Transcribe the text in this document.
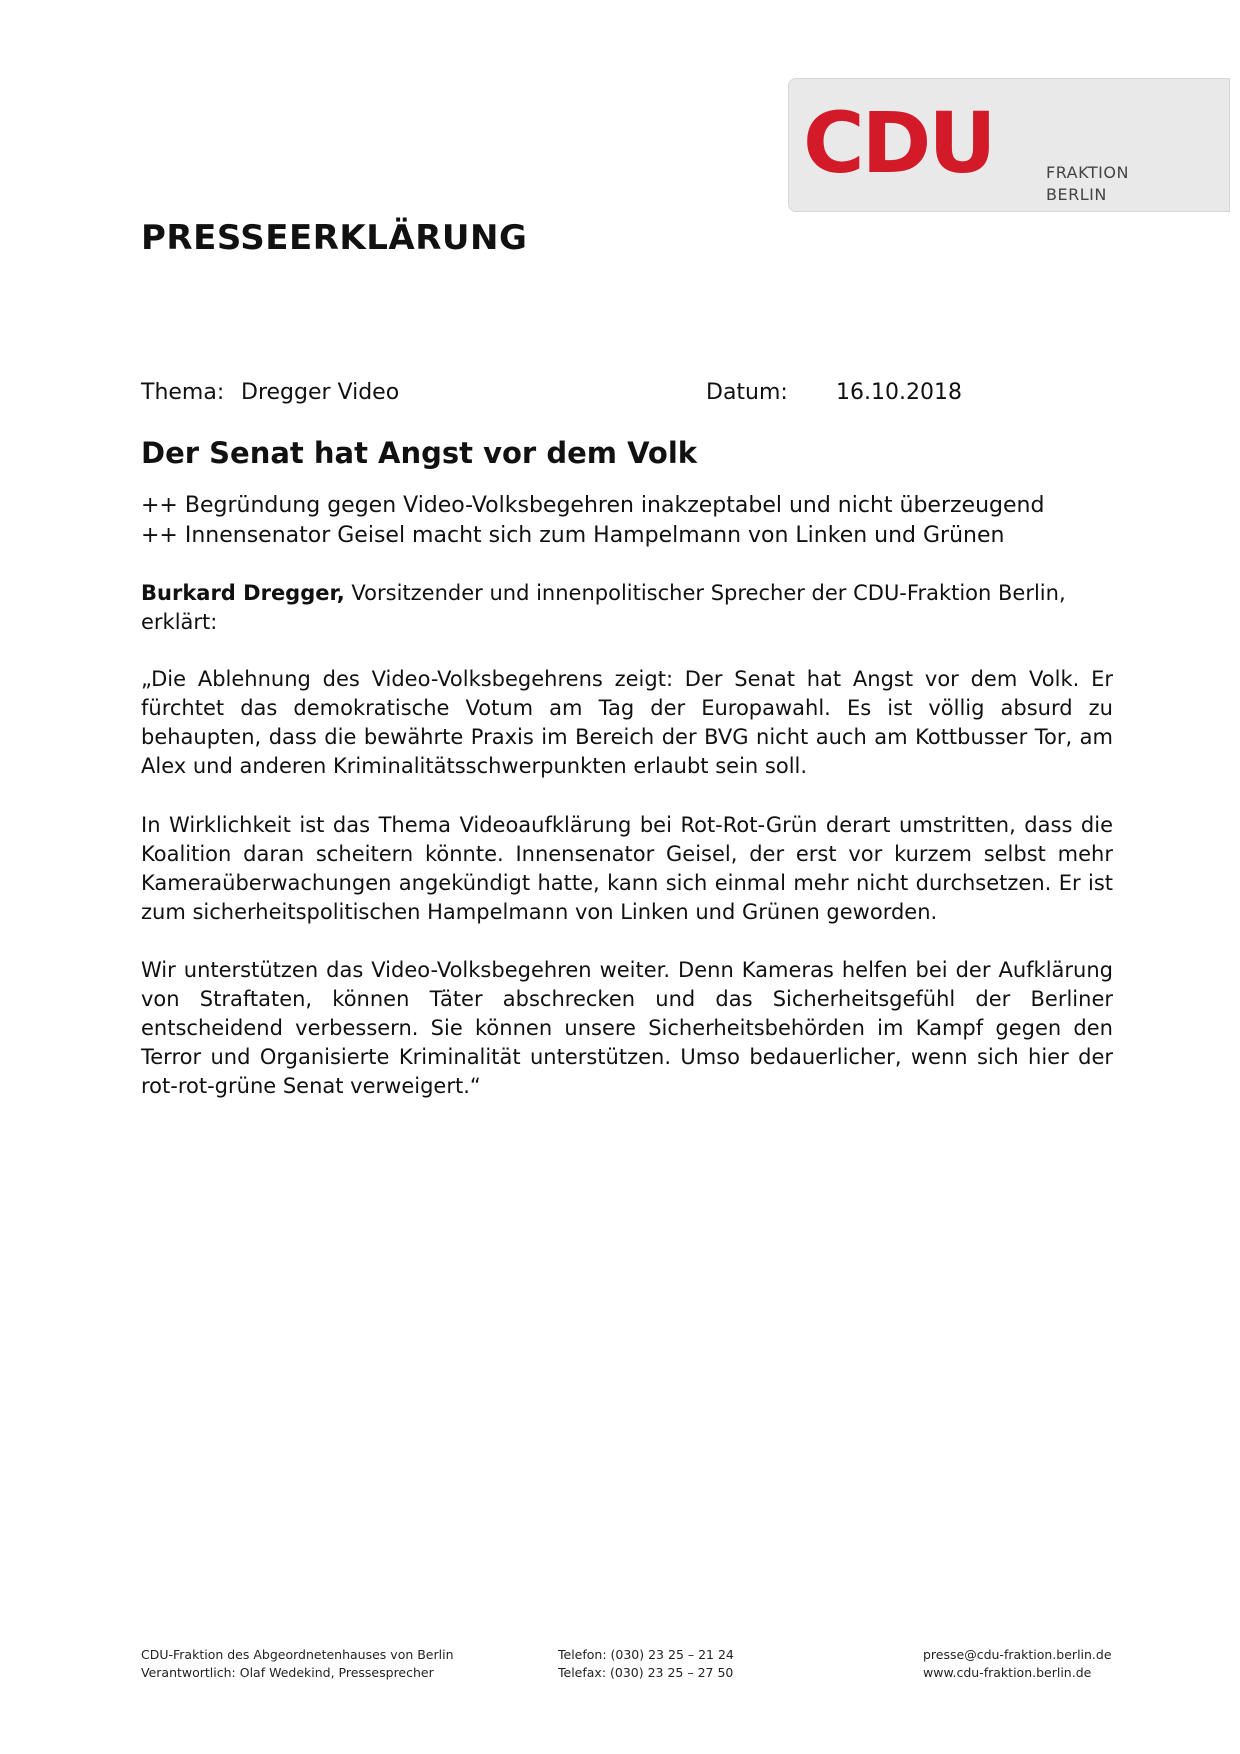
CDU	FRAKTION
BERLIN
PRESSEERKLÄRUNG
Thema: Dregger Video	Datum: 16.10.2018
Der Senat hat Angst vor dem Volk
++ Begründung gegen Video-Volksbegehren inakzeptabel und nicht überzeugend
++ Innensenator Geisel macht sich zum Hampelmann von Linken und Grünen

Burkard Dregger, Vorsitzender und innenpolitischer Sprecher der CDU-Fraktion Berlin, erklärt:

„Die Ablehnung des Video-Volksbegehrens zeigt: Der Senat hat Angst vor dem Volk. Er fürchtet das demokratische Votum am Tag der Europawahl. Es ist völlig absurd zu behaupten, dass die bewährte Praxis im Bereich der BVG nicht auch am Kottbusser Tor, am Alex und anderen Kriminalitätsschwerpunkten erlaubt sein soll.

In Wirklichkeit ist das Thema Videoaufklärung bei Rot-Rot-Grün derart umstritten, dass die Koalition daran scheitern könnte. Innensenator Geisel, der erst vor kurzem selbst mehr Kameraüberwachungen angekündigt hatte, kann sich einmal mehr nicht durchsetzen. Er ist zum sicherheitspolitischen Hampelmann von Linken und Grünen geworden.

Wir unterstützen das Video-Volksbegehren weiter. Denn Kameras helfen bei der Aufklärung von Straftaten, können Täter abschrecken und das Sicherheitsgefühl der Berliner entscheidend verbessern. Sie können unsere Sicherheitsbehörden im Kampf gegen den Terror und Organisierte Kriminalität unterstützen. Umso bedauerlicher, wenn sich hier der rot-rot-grüne Senat verweigert.“

CDU-Fraktion des Abgeordnetenhauses von Berlin
Verantwortlich: Olaf Wedekind, Pressesprecher
Telefon: (030) 23 25 – 21 24
Telefax: (030) 23 25 – 27 50
presse@cdu-fraktion.berlin.de
www.cdu-fraktion.berlin.de
